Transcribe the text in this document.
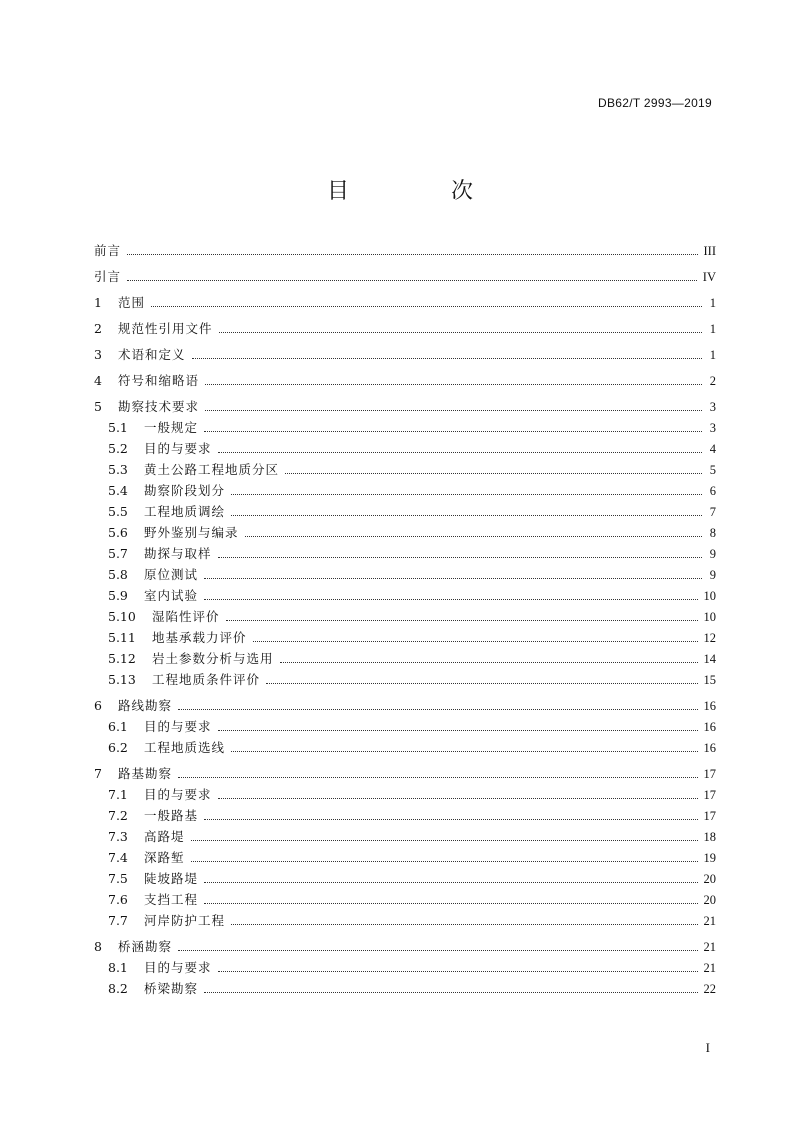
DB62/T 2993—2019
目　次
前言	III
引言	IV
1	范围	1
2	规范性引用文件	1
3	术语和定义	1
4	符号和缩略语	2
5	勘察技术要求	3
5.1	一般规定	3
5.2	目的与要求	4
5.3	黄土公路工程地质分区	5
5.4	勘察阶段划分	6
5.5	工程地质调绘	7
5.6	野外鉴别与编录	8
5.7	勘探与取样	9
5.8	原位测试	9
5.9	室内试验	10
5.10	湿陷性评价	10
5.11	地基承载力评价	12
5.12	岩土参数分析与选用	14
5.13	工程地质条件评价	15
6	路线勘察	16
6.1	目的与要求	16
6.2	工程地质选线	16
7	路基勘察	17
7.1	目的与要求	17
7.2	一般路基	17
7.3	高路堤	18
7.4	深路堑	19
7.5	陡坡路堤	20
7.6	支挡工程	20
7.7	河岸防护工程	21
8	桥涵勘察	21
8.1	目的与要求	21
8.2	桥梁勘察	22
I
